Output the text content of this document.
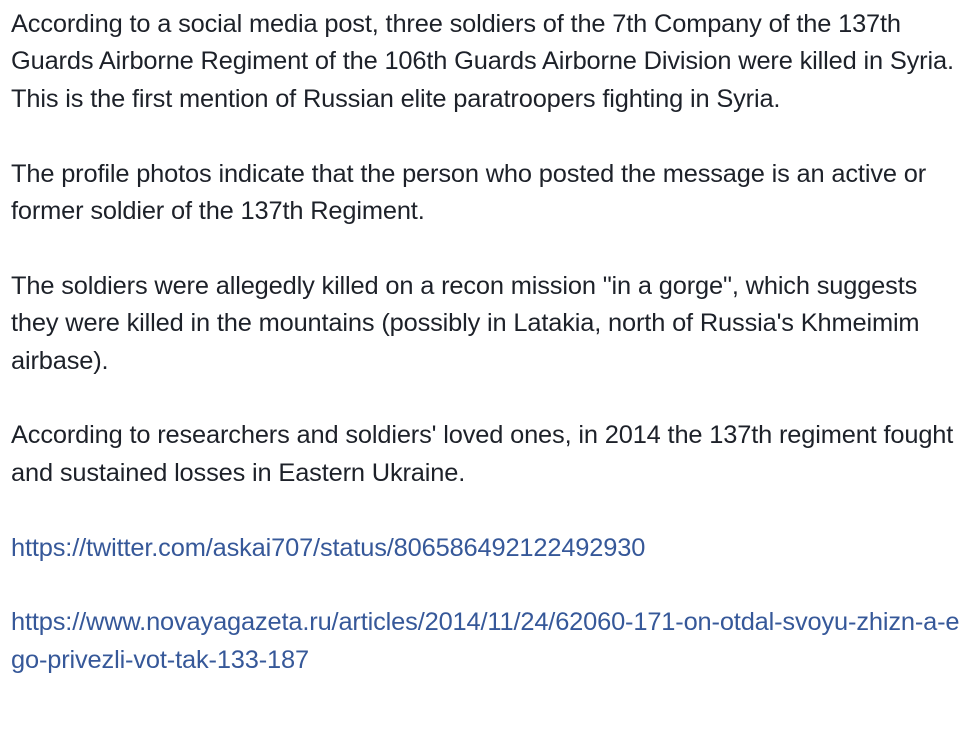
According to a social media post, three soldiers of the 7th Company of the 137th Guards Airborne Regiment of the 106th Guards Airborne Division were killed in Syria. This is the first mention of Russian elite paratroopers fighting in Syria.

The profile photos indicate that the person who posted the message is an active or former soldier of the 137th Regiment.

The soldiers were allegedly killed on a recon mission "in a gorge", which suggests they were killed in the mountains (possibly in Latakia, north of Russia's Khmeimim airbase).

According to researchers and soldiers' loved ones, in 2014 the 137th regiment fought and sustained losses in Eastern Ukraine.

https://twitter.com/askai707/status/806586492122492930

https://www.novayagazeta.ru/articles/2014/11/24/62060-171-on-otdal-svoyu-zhizn-a-ego-privezli-vot-tak-133-187
